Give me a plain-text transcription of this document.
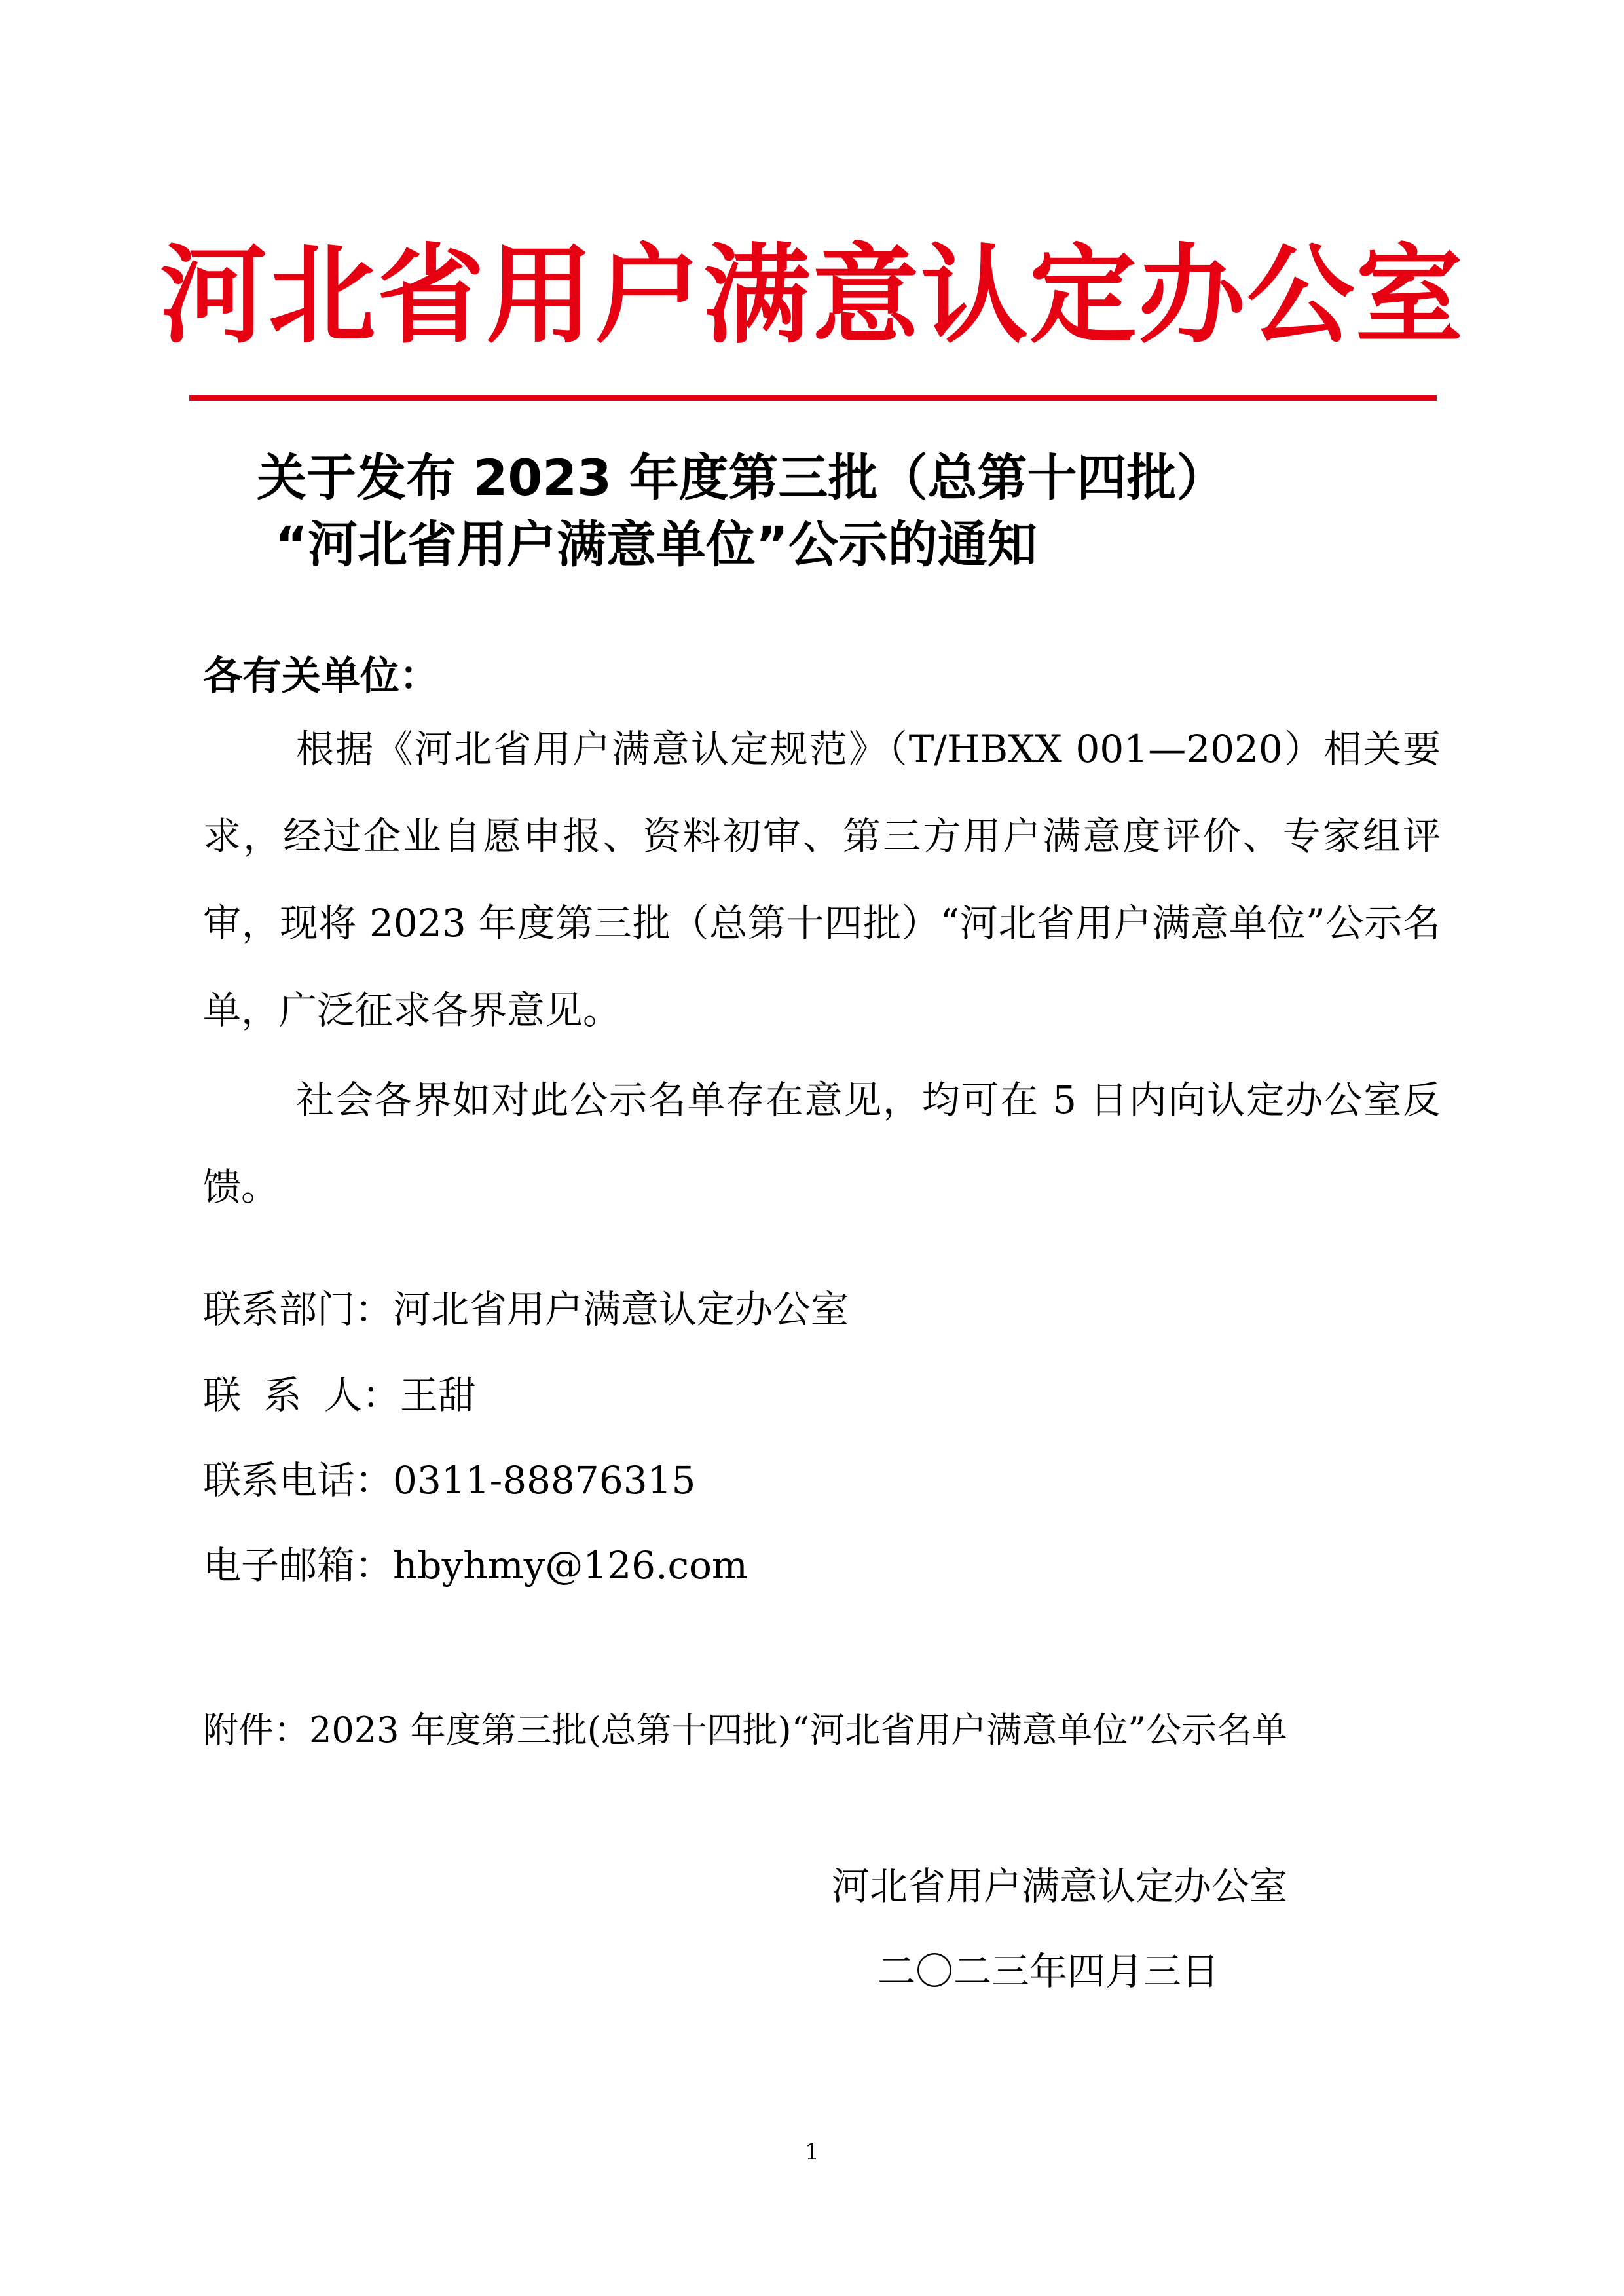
河北省用户满意认定办公室
关于发布 2023 年度第三批（总第十四批）
“河北省用户满意单位”公示的通知
各有关单位：

根据《河北省用户满意认定规范》（T/HBXX 001—2020）相关要求，经过企业自愿申报、资料初审、第三方用户满意度评价、专家组评审，现将 2023 年度第三批（总第十四批）“河北省用户满意单位”公示名单，广泛征求各界意见。

社会各界如对此公示名单存在意见，均可在 5 日内向认定办公室反馈。

联系部门：河北省用户满意认定办公室
联 系 人：王甜
联系电话：0311-88876315
电子邮箱：hbyhmy@126.com
附件：2023 年度第三批(总第十四批)“河北省用户满意单位”公示名单
河北省用户满意认定办公室
二〇二三年四月三日
1
